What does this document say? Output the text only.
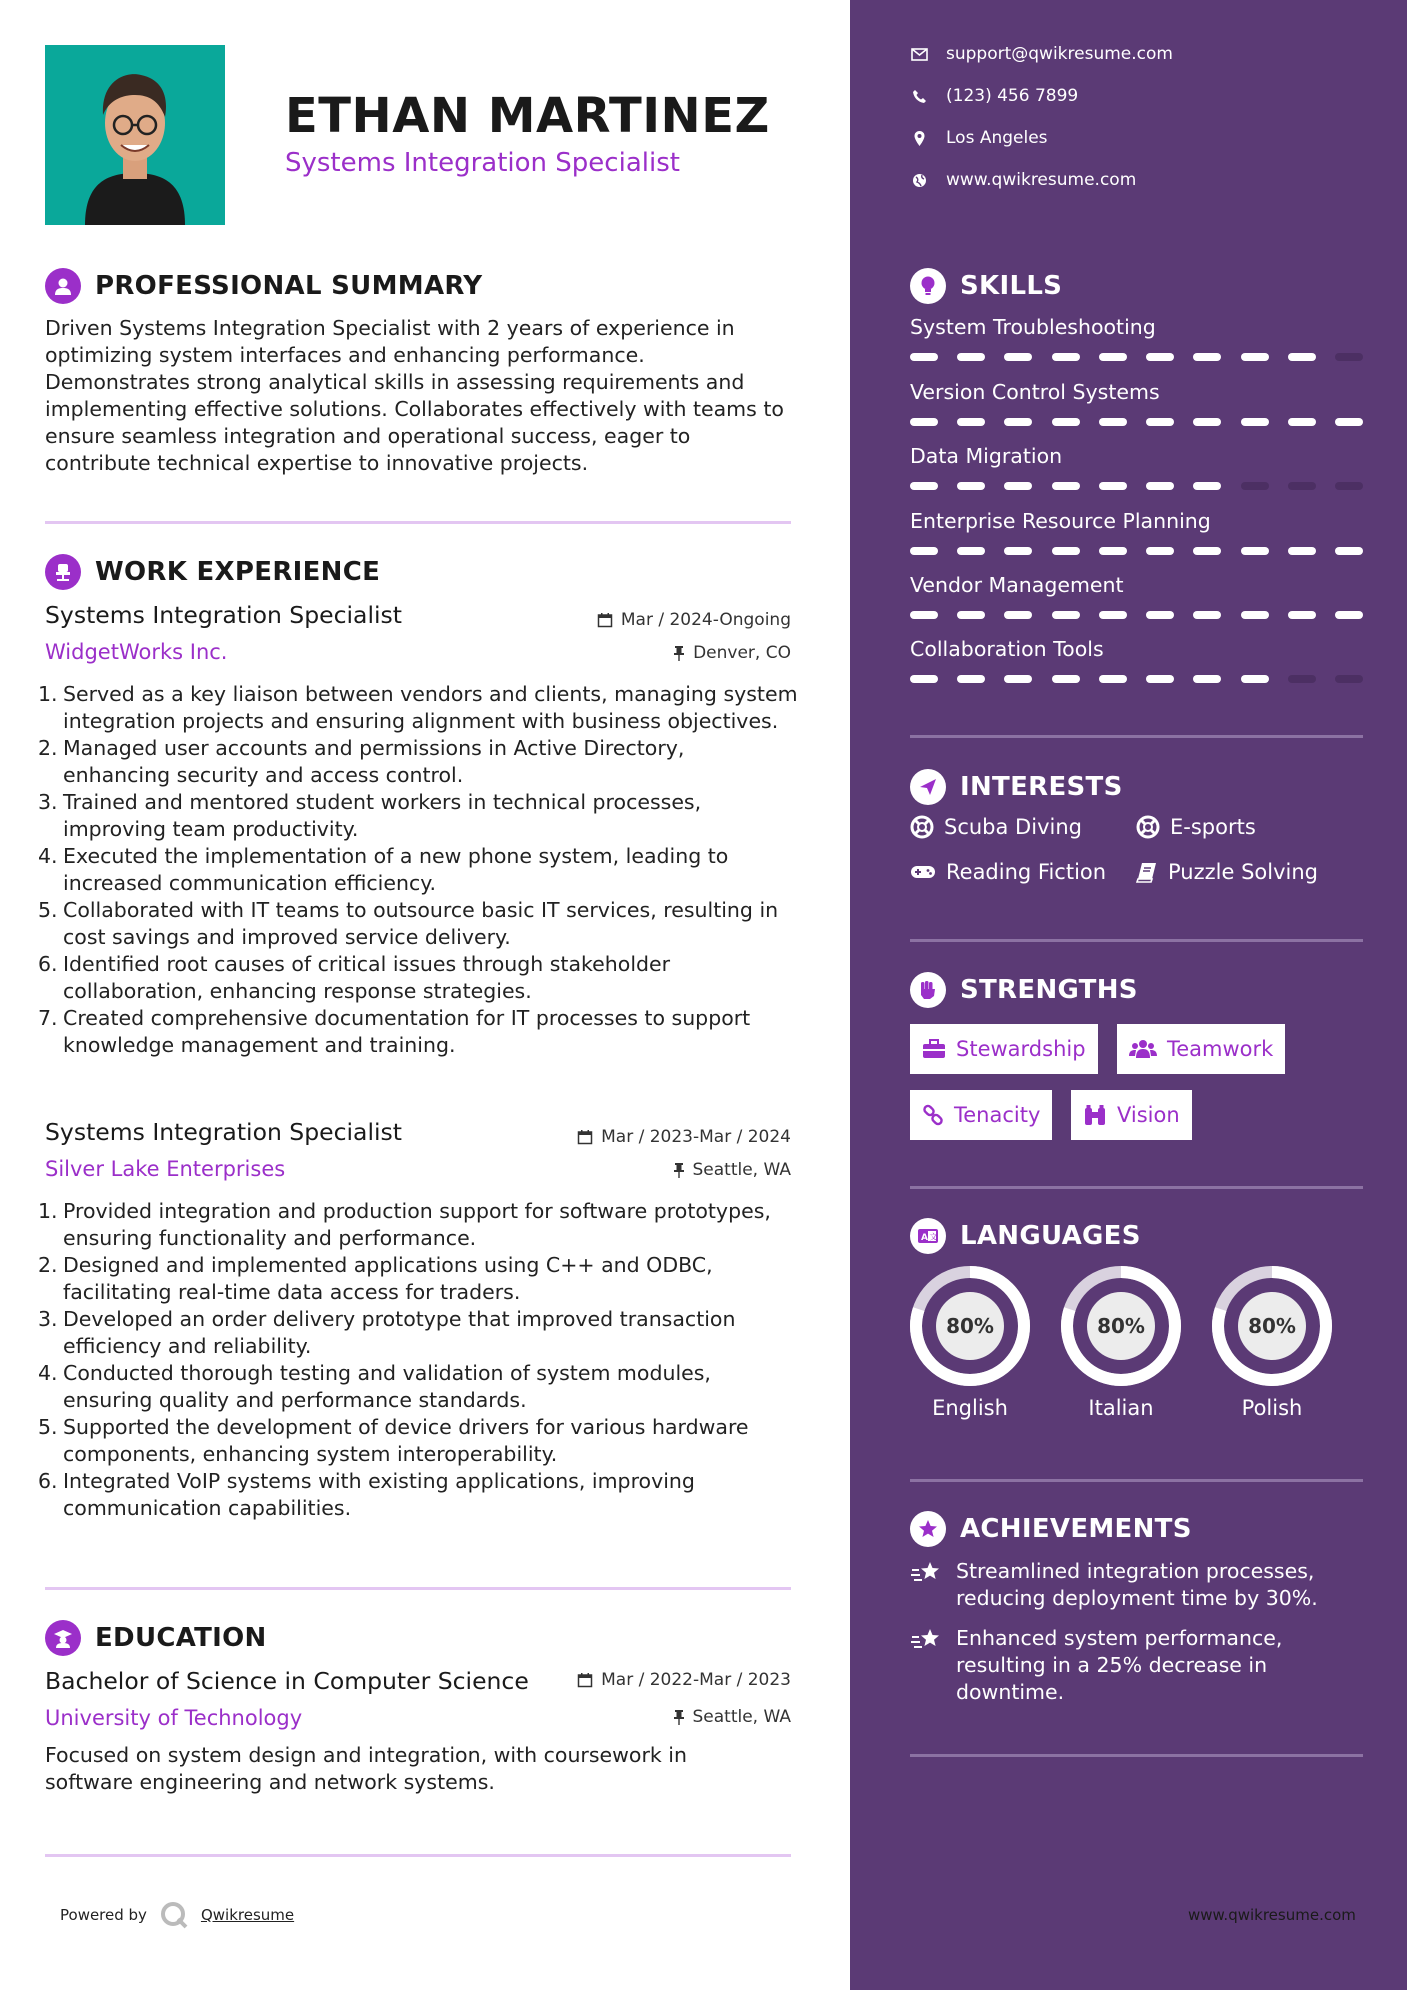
ETHAN MARTINEZ
Systems Integration Specialist
PROFESSIONAL SUMMARY
Driven Systems Integration Specialist with 2 years of experience in optimizing system interfaces and enhancing performance. Demonstrates strong analytical skills in assessing requirements and implementing effective solutions. Collaborates effectively with teams to ensure seamless integration and operational success, eager to contribute technical expertise to innovative projects.
WORK EXPERIENCE
Systems Integration Specialist	Mar / 2024-Ongoing
WidgetWorks Inc.	Denver, CO
1. Served as a key liaison between vendors and clients, managing system integration projects and ensuring alignment with business objectives.
2. Managed user accounts and permissions in Active Directory, enhancing security and access control.
3. Trained and mentored student workers in technical processes, improving team productivity.
4. Executed the implementation of a new phone system, leading to increased communication efficiency.
5. Collaborated with IT teams to outsource basic IT services, resulting in cost savings and improved service delivery.
6. Identified root causes of critical issues through stakeholder collaboration, enhancing response strategies.
7. Created comprehensive documentation for IT processes to support knowledge management and training.
Systems Integration Specialist	Mar / 2023-Mar / 2024
Silver Lake Enterprises	Seattle, WA
1. Provided integration and production support for software prototypes, ensuring functionality and performance.
2. Designed and implemented applications using C++ and ODBC, facilitating real-time data access for traders.
3. Developed an order delivery prototype that improved transaction efficiency and reliability.
4. Conducted thorough testing and validation of system modules, ensuring quality and performance standards.
5. Supported the development of device drivers for various hardware components, enhancing system interoperability.
6. Integrated VoIP systems with existing applications, improving communication capabilities.
EDUCATION
Bachelor of Science in Computer Science	Mar / 2022-Mar / 2023
University of Technology	Seattle, WA
Focused on system design and integration, with coursework in software engineering and network systems.
Powered by	Qwikresume
support@qwikresume.com
(123) 456 7899
Los Angeles
www.qwikresume.com
SKILLS
System Troubleshooting
Version Control Systems
Data Migration
Enterprise Resource Planning
Vendor Management
Collaboration Tools
INTERESTS
Scuba Diving	E-sports
Reading Fiction	Puzzle Solving
STRENGTHS
Stewardship	Teamwork
Tenacity	Vision
A 文 LANGUAGES
80%
English
80%
Italian
80%
Polish
ACHIEVEMENTS
Streamlined integration processes, reducing deployment time by 30%.
Enhanced system performance, resulting in a 25% decrease in downtime.
www.qwikresume.com
